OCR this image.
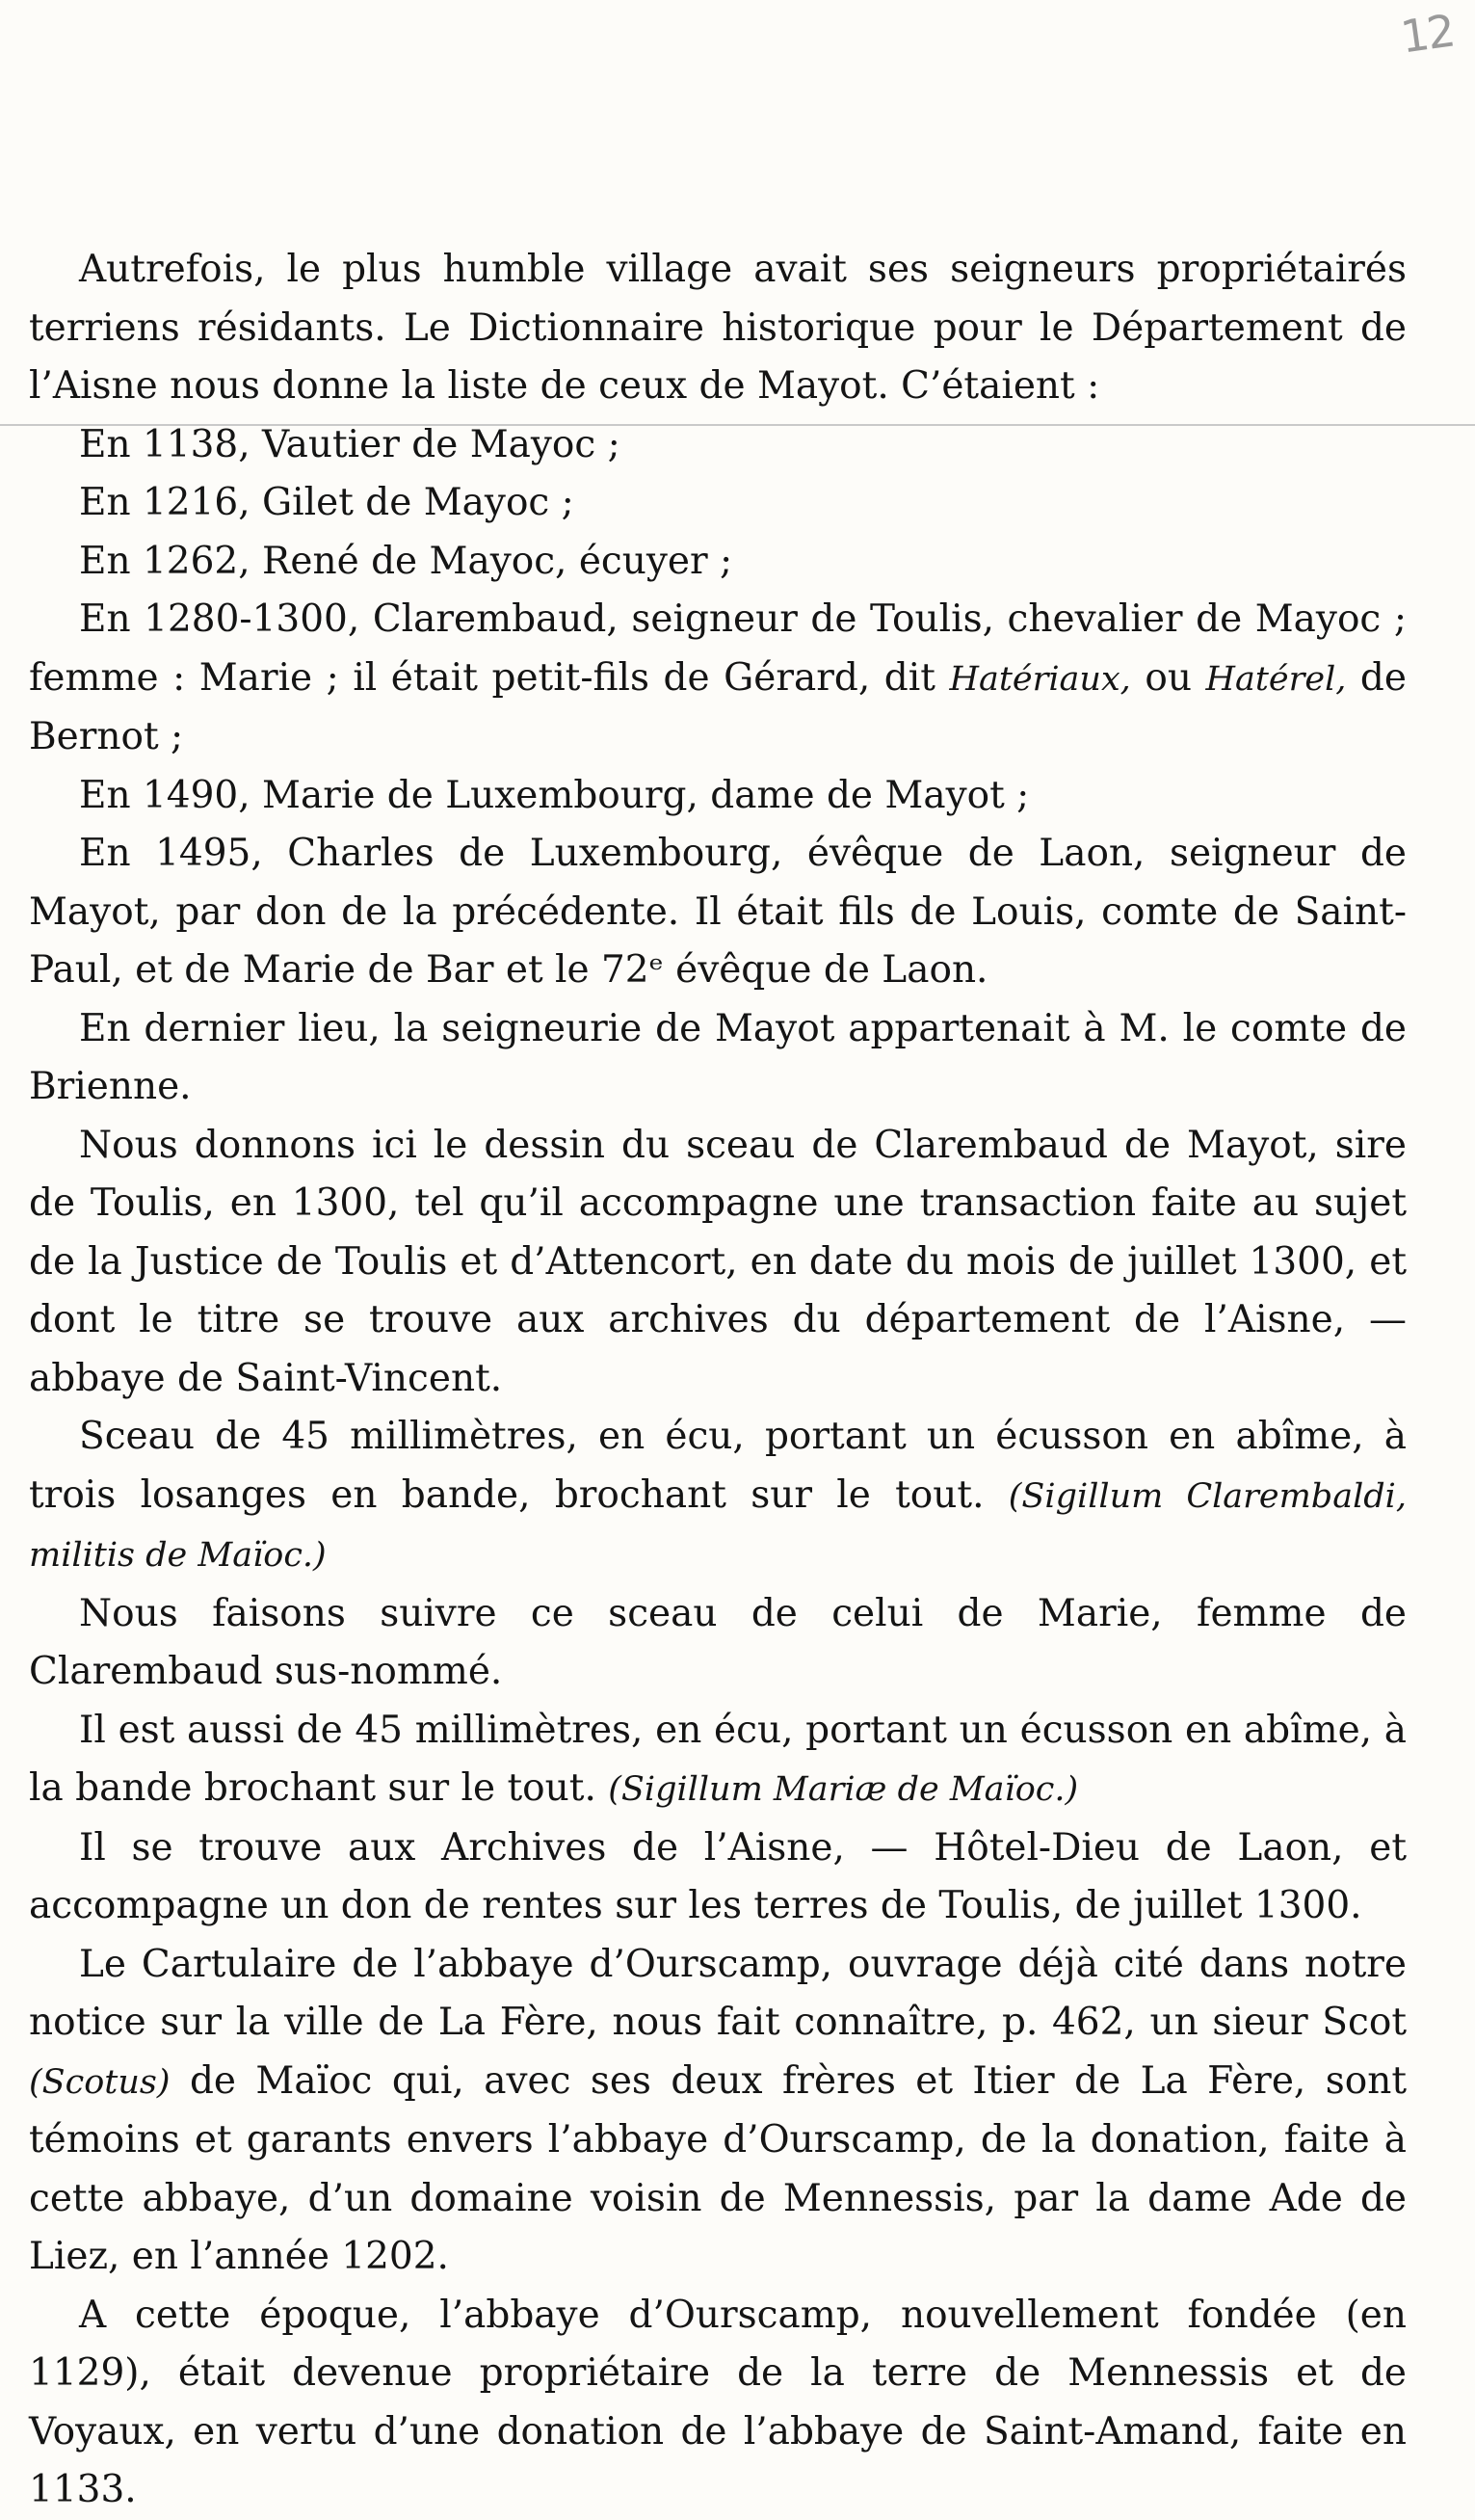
12

Autrefois, le plus humble village avait ses seigneurs propriétairés terriens résidants. Le Dictionnaire historique pour le Département de l’Aisne nous donne la liste de ceux de Mayot. C’étaient :

En 1138, Vautier de Mayoc ;

En 1216, Gilet de Mayoc ;

En 1262, René de Mayoc, écuyer ;

En 1280-1300, Clarembaud, seigneur de Toulis, chevalier de Mayoc ; femme : Marie ; il était petit-fils de Gérard, dit Hatériaux, ou Hatérel, de Bernot ;

En 1490, Marie de Luxembourg, dame de Mayot ;

En 1495, Charles de Luxembourg, évêque de Laon, seigneur de Mayot, par don de la précédente. Il était fils de Louis, comte de Saint-Paul, et de Marie de Bar et le 72ᵉ évêque de Laon.

En dernier lieu, la seigneurie de Mayot appartenait à M. le comte de Brienne.

Nous donnons ici le dessin du sceau de Clarembaud de Mayot, sire de Toulis, en 1300, tel qu’il accompagne une transaction faite au sujet de la Justice de Toulis et d’Attencort, en date du mois de juillet 1300, et dont le titre se trouve aux archives du département de l’Aisne, — abbaye de Saint-Vincent.

Sceau de 45 millimètres, en écu, portant un écusson en abîme, à trois losanges en bande, brochant sur le tout. (Sigillum Clarembaldi, militis de Maïoc.)

Nous faisons suivre ce sceau de celui de Marie, femme de Clarembaud sus-nommé.

Il est aussi de 45 millimètres, en écu, portant un écusson en abîme, à la bande brochant sur le tout. (Sigillum Mariæ de Maïoc.)

Il se trouve aux Archives de l’Aisne, — Hôtel-Dieu de Laon, et accompagne un don de rentes sur les terres de Toulis, de juillet 1300.

Le Cartulaire de l’abbaye d’Ourscamp, ouvrage déjà cité dans notre notice sur la ville de La Fère, nous fait connaître, p. 462, un sieur Scot (Scotus) de Maïoc qui, avec ses deux frères et Itier de La Fère, sont témoins et garants envers l’abbaye d’Ourscamp, de la donation, faite à cette abbaye, d’un domaine voisin de Mennessis, par la dame Ade de Liez, en l’année 1202.

A cette époque, l’abbaye d’Ourscamp, nouvellement fondée (en 1129), était devenue propriétaire de la terre de Mennessis et de Voyaux, en vertu d’une donation de l’abbaye de Saint-Amand, faite en 1133.
